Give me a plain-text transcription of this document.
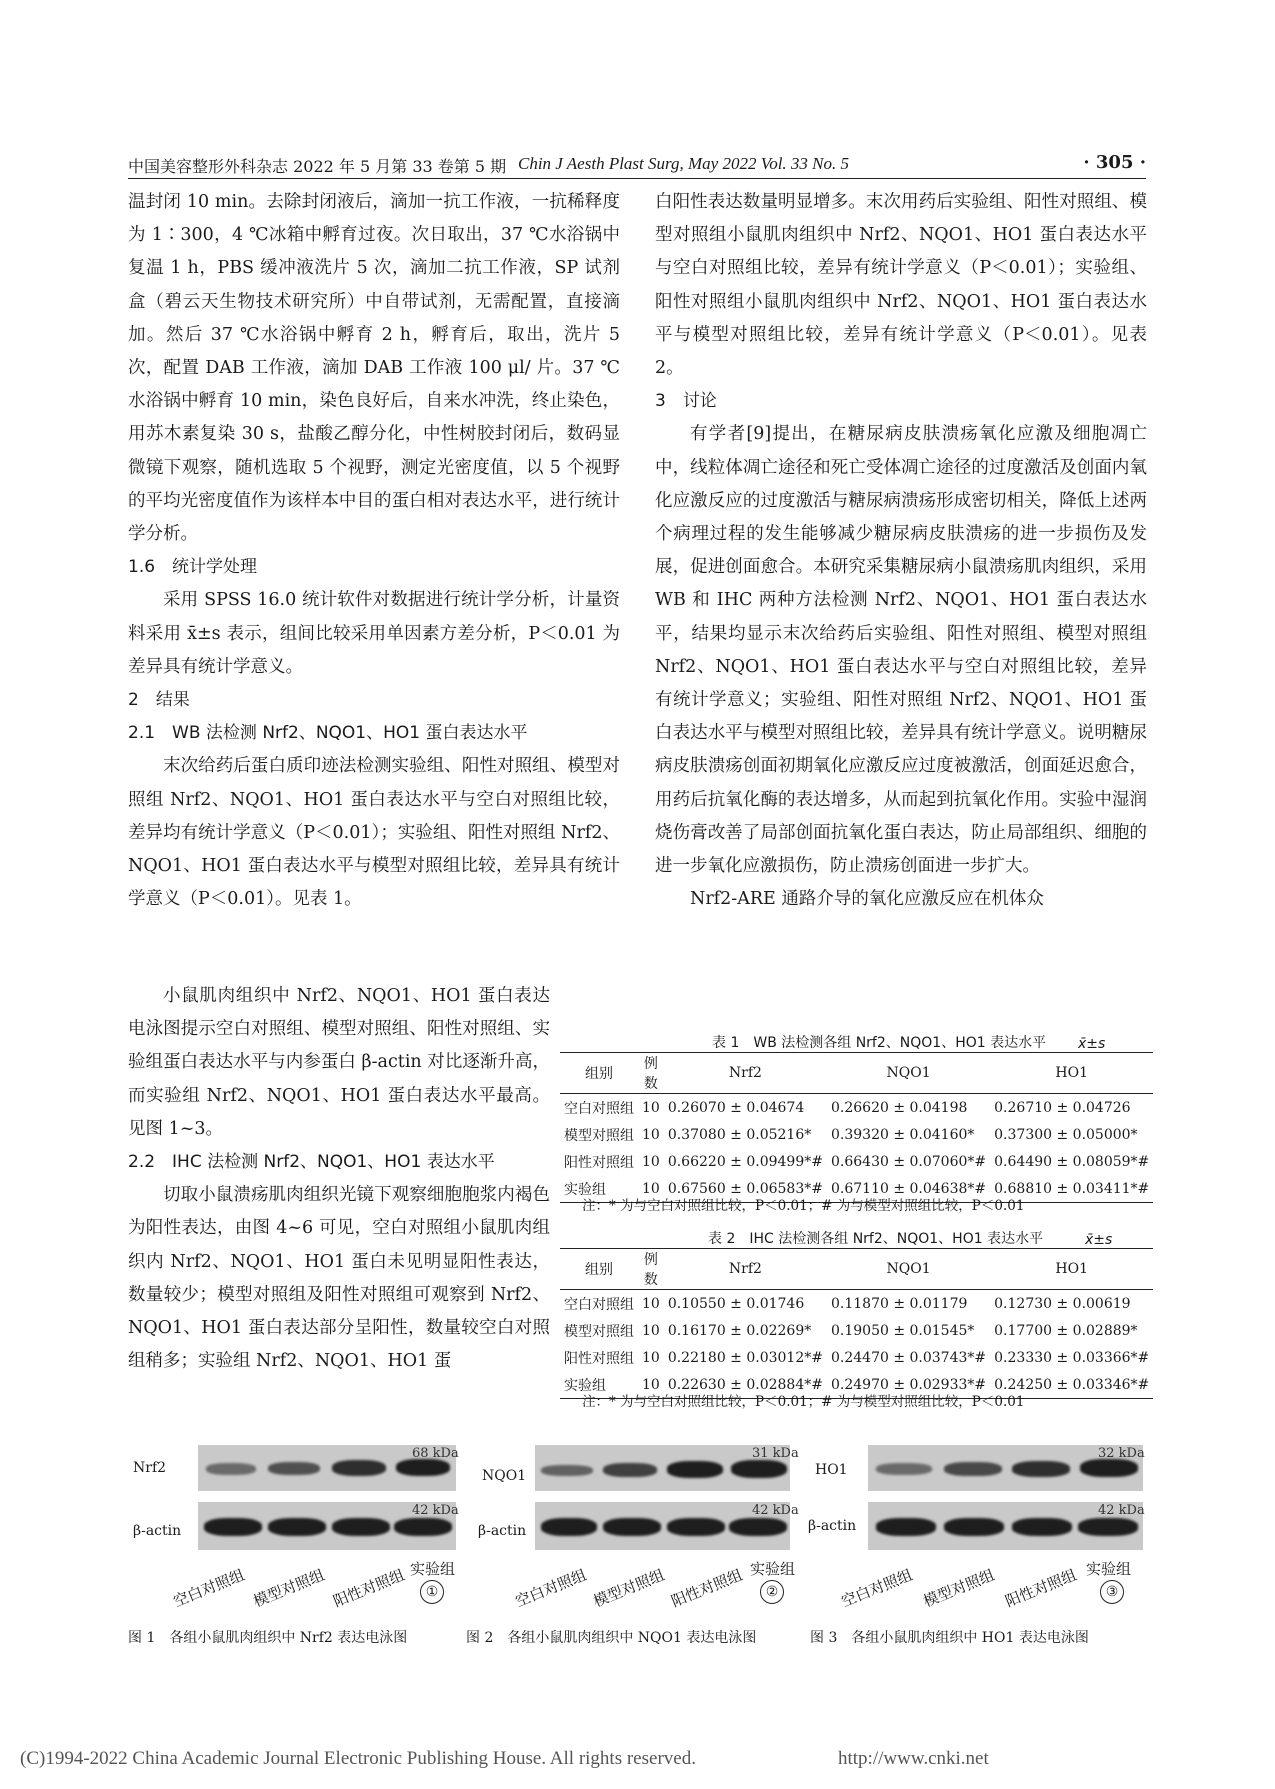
中国美容整形外科杂志 2022 年 5 月第 33 卷第 5 期 Chin J Aesth Plast Surg, May 2022 Vol. 33 No. 5	· 305 ·

温封闭 10 min。去除封闭液后，滴加一抗工作液，一抗稀释度为 1∶300，4 ℃冰箱中孵育过夜。次日取出，37 ℃水浴锅中复温 1 h，PBS 缓冲液洗片 5 次，滴加二抗工作液，SP 试剂盒（碧云天生物技术研究所）中自带试剂，无需配置，直接滴加。然后 37 ℃水浴锅中孵育 2 h，孵育后，取出，洗片 5 次，配置 DAB 工作液，滴加 DAB 工作液 100 μl/ 片。37 ℃水浴锅中孵育 10 min，染色良好后，自来水冲洗，终止染色，用苏木素复染 30 s，盐酸乙醇分化，中性树胶封闭后，数码显微镜下观察，随机选取 5 个视野，测定光密度值，以 5 个视野的平均光密度值作为该样本中目的蛋白相对表达水平，进行统计学分析。

1.6　统计学处理

采用 SPSS 16.0 统计软件对数据进行统计学分析，计量资料采用 x̄±s 表示，组间比较采用单因素方差分析，P＜0.01 为差异具有统计学意义。

2　结果

2.1　WB 法检测 Nrf2、NQO1、HO1 蛋白表达水平

末次给药后蛋白质印迹法检测实验组、阳性对照组、模型对照组 Nrf2、NQO1、HO1 蛋白表达水平与空白对照组比较，差异均有统计学意义（P＜0.01）；实验组、阳性对照组 Nrf2、NQO1、HO1 蛋白表达水平与模型对照组比较，差异具有统计学意义（P＜0.01）。见表 1。

小鼠肌肉组织中 Nrf2、NQO1、HO1 蛋白表达电泳图提示空白对照组、模型对照组、阳性对照组、实验组蛋白表达水平与内参蛋白 β-actin 对比逐渐升高，而实验组 Nrf2、NQO1、HO1 蛋白表达水平最高。见图 1~3。

2.2　IHC 法检测 Nrf2、NQO1、HO1 表达水平

切取小鼠溃疡肌肉组织光镜下观察细胞胞浆内褐色为阳性表达，由图 4~6 可见，空白对照组小鼠肌肉组织内 Nrf2、NQO1、HO1 蛋白未见明显阳性表达，数量较少；模型对照组及阳性对照组可观察到 Nrf2、NQO1、HO1 蛋白表达部分呈阳性，数量较空白对照组稍多；实验组 Nrf2、NQO1、HO1 蛋

白阳性表达数量明显增多。末次用药后实验组、阳性对照组、模型对照组小鼠肌肉组织中 Nrf2、NQO1、HO1 蛋白表达水平与空白对照组比较，差异有统计学意义（P＜0.01）；实验组、阳性对照组小鼠肌肉组织中 Nrf2、NQO1、HO1 蛋白表达水平与模型对照组比较，差异有统计学意义（P＜0.01）。见表 2。

3　讨论

有学者[9]提出，在糖尿病皮肤溃疡氧化应激及细胞凋亡中，线粒体凋亡途径和死亡受体凋亡途径的过度激活及创面内氧化应激反应的过度激活与糖尿病溃疡形成密切相关，降低上述两个病理过程的发生能够减少糖尿病皮肤溃疡的进一步损伤及发展，促进创面愈合。本研究采集糖尿病小鼠溃疡肌肉组织，采用 WB 和 IHC 两种方法检测 Nrf2、NQO1、HO1 蛋白表达水平，结果均显示末次给药后实验组、阳性对照组、模型对照组 Nrf2、NQO1、HO1 蛋白表达水平与空白对照组比较，差异有统计学意义；实验组、阳性对照组 Nrf2、NQO1、HO1 蛋白表达水平与模型对照组比较，差异具有统计学意义。说明糖尿病皮肤溃疡创面初期氧化应激反应过度被激活，创面延迟愈合，用药后抗氧化酶的表达增多，从而起到抗氧化作用。实验中湿润烧伤膏改善了局部创面抗氧化蛋白表达，防止局部组织、细胞的进一步氧化应激损伤，防止溃疡创面进一步扩大。

Nrf2-ARE 通路介导的氧化应激反应在机体众

表 1　WB 法检测各组 Nrf2、NQO1、HO1 表达水平 x̄±s
组别	例数	Nrf2	NQO1	HO1
空白对照组	10	0.26070 ± 0.04674	0.26620 ± 0.04198	0.26710 ± 0.04726
模型对照组	10	0.37080 ± 0.05216*	0.39320 ± 0.04160*	0.37300 ± 0.05000*
阳性对照组	10	0.66220 ± 0.09499*#	0.66430 ± 0.07060*#	0.64490 ± 0.08059*#
实验组	10	0.67560 ± 0.06583*#	0.67110 ± 0.04638*#	0.68810 ± 0.03411*#
注：* 为与空白对照组比较，P＜0.01；# 为与模型对照组比较，P＜0.01
表 2　IHC 法检测各组 Nrf2、NQO1、HO1 表达水平	x̄±s
组别	例数	Nrf2	NQO1	HO1
空白对照组	10	0.10550 ± 0.01746	0.11870 ± 0.01179	0.12730 ± 0.00619
模型对照组	10	0.16170 ± 0.02269*	0.19050 ± 0.01545*	0.17700 ± 0.02889*
阳性对照组	10	0.22180 ± 0.03012*#	0.24470 ± 0.03743*#	0.23330 ± 0.03366*#
实验组	10	0.22630 ± 0.02884*#	0.24970 ± 0.02933*#	0.24250 ± 0.03346*#
注：* 为与空白对照组比较，P＜0.01；# 为与模型对照组比较，P＜0.01
Nrf2
β-actin
68 kDa
42 kDa
空白对照组 模型对照组 阳性对照组 实验组
①
NQO1
β-actin
31 kDa
42 kDa
空白对照组 模型对照组 阳性对照组 实验组
②
HO1
β-actin
32 kDa
42 kDa
空白对照组 模型对照组 阳性对照组 实验组
③
图 1　各组小鼠肌肉组织中 Nrf2 表达电泳图	图 2　各组小鼠肌肉组织中 NQO1 表达电泳图	图 3　各组小鼠肌肉组织中 HO1 表达电泳图
(C)1994-2022 China Academic Journal Electronic Publishing House. All rights reserved.	http://www.cnki.net
